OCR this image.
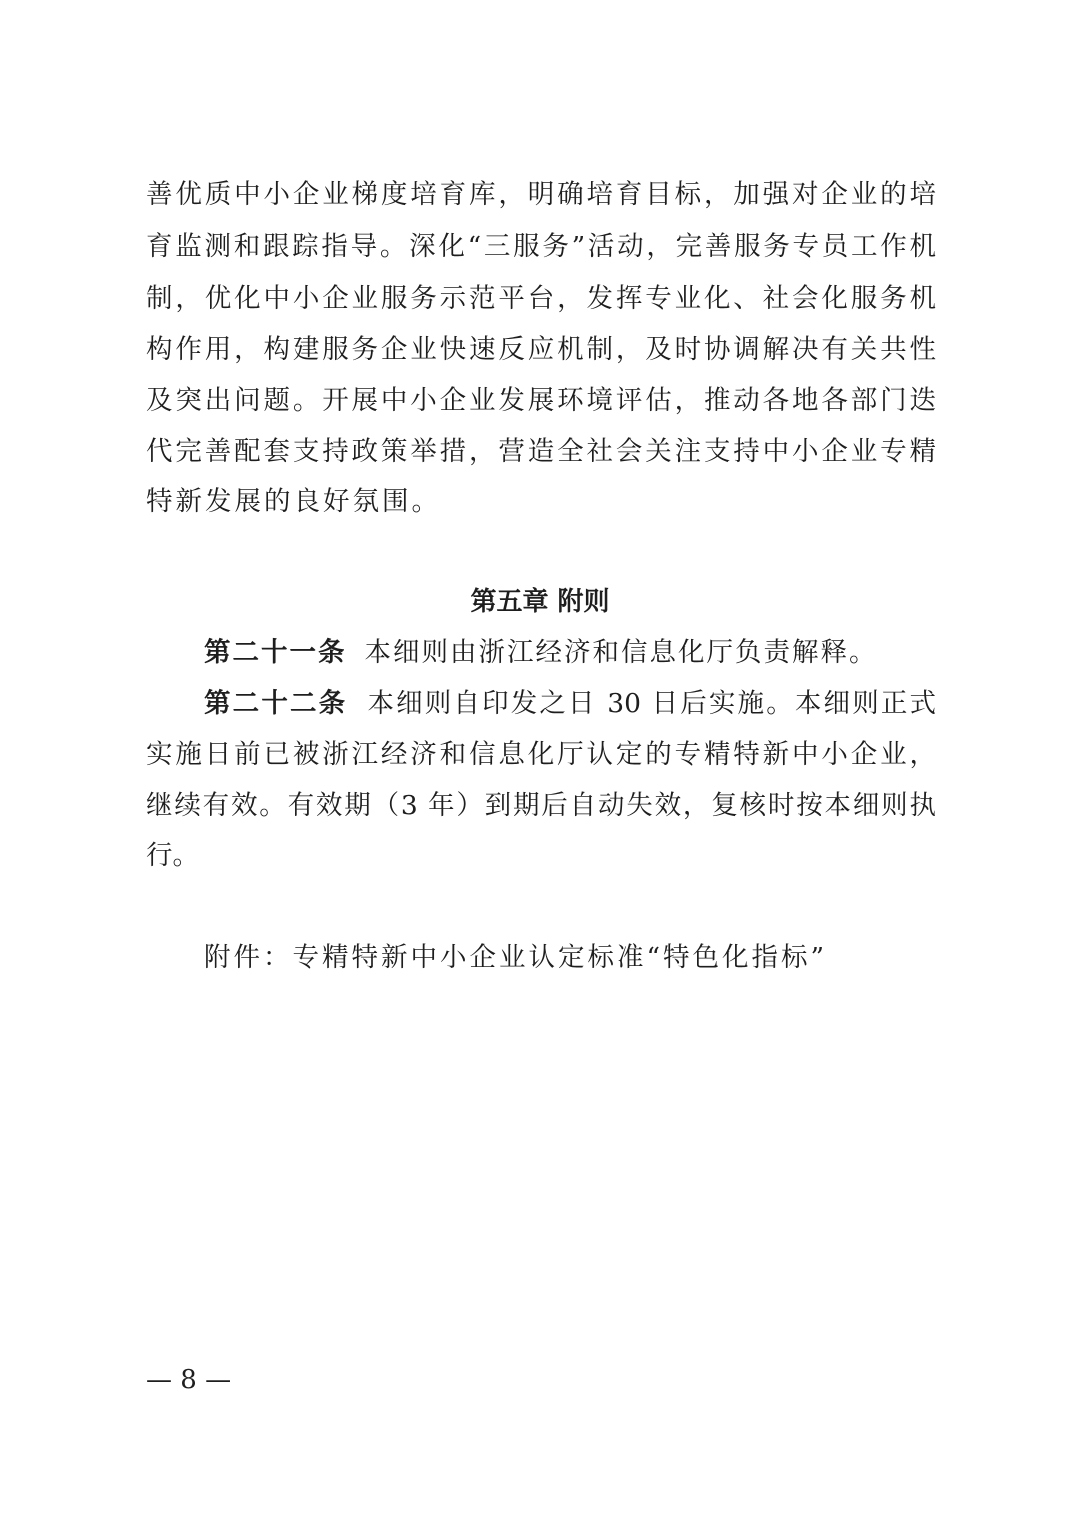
善优质中小企业梯度培育库，明确培育目标，加强对企业的培
育监测和跟踪指导。深化“三服务”活动，完善服务专员工作机
制，优化中小企业服务示范平台，发挥专业化、社会化服务机
构作用，构建服务企业快速反应机制，及时协调解决有关共性
及突出问题。开展中小企业发展环境评估，推动各地各部门迭
代完善配套支持政策举措，营造全社会关注支持中小企业专精
特新发展的良好氛围。
第五章 附则
第二十一条 本细则由浙江经济和信息化厅负责解释。
第二十二条 本细则自印发之日 30 日后实施。本细则正式
实施日前已被浙江经济和信息化厅认定的专精特新中小企业，
继续有效。有效期（3 年）到期后自动失效，复核时按本细则执
行。
附件：专精特新中小企业认定标准“特色化指标”
— 8 —
